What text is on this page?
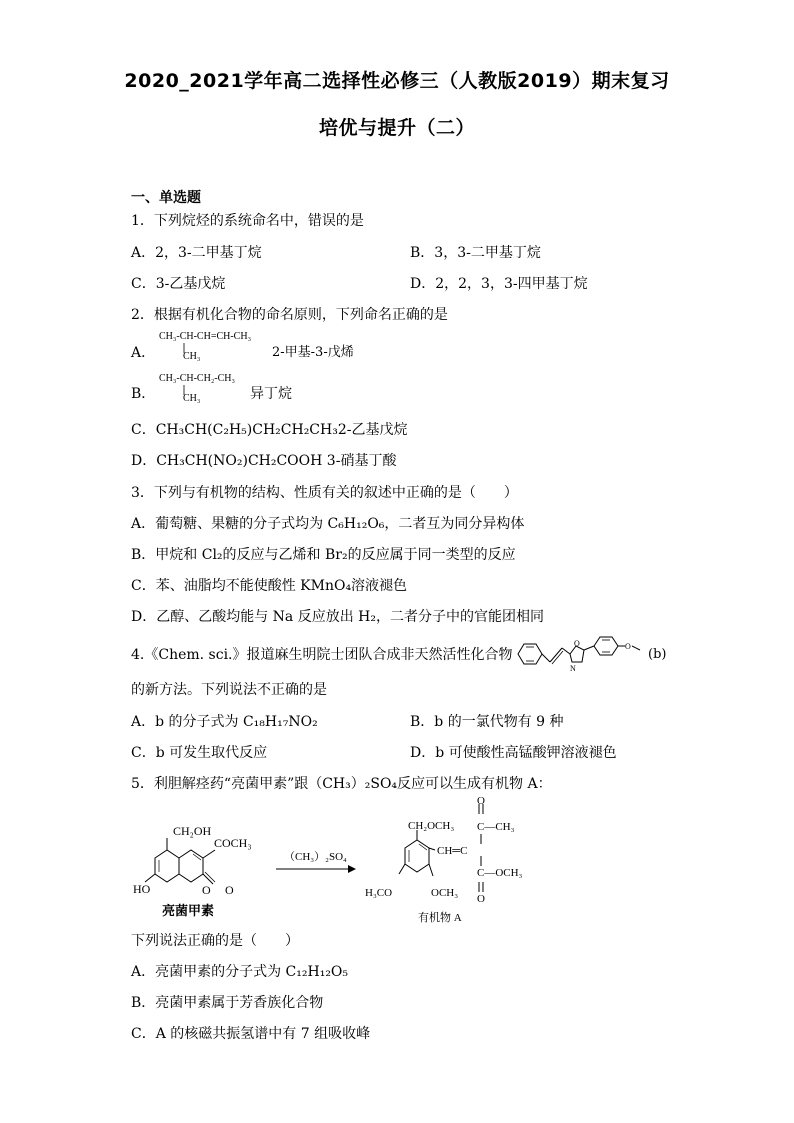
2020_2021学年高二选择性必修三（人教版2019）期末复习
培优与提升（二）
一、单选题
1．下列烷烃的系统命名中，错误的是
A．2，3-二甲基丁烷	B．3，3-二甲基丁烷
C．3-乙基戊烷	D．2，2，3，3-四甲基丁烷
2．根据有机化合物的命名原则，下列命名正确的是
A．
CH₃-CH-CH=CH-CH₃
CH₃	2-甲基-3-戊烯
B．
CH₃-CH-CH₂-CH₃
CH₃	异丁烷
C．CH₃CH(C₂H₅)CH₂CH₂CH₃2-乙基戊烷
D．CH₃CH(NO₂)CH₂COOH 3-硝基丁酸
3．下列与有机物的结构、性质有关的叙述中正确的是（　　）
A．葡萄糖、果糖的分子式均为 C₆H₁₂O₆，二者互为同分异构体
B．甲烷和 Cl₂的反应与乙烯和 Br₂的反应属于同一类型的反应
C．苯、油脂均不能使酸性 KMnO₄溶液褪色
D．乙醇、乙酸均能与 Na 反应放出 H₂，二者分子中的官能团相同
4.《Chem. sci.》报道麻生明院士团队合成非天然活性化合物
O
N
O
(b)
的新方法。下列说法不正确的是
A．b 的分子式为 C₁₈H₁₇NO₂	B．b 的一氯代物有 9 种
C．b 可发生取代反应	D．b 可使酸性高锰酸钾溶液褪色
5．利胆解痉药“亮菌甲素”跟（CH₃）₂SO₄反应可以生成有机物 A：
CH₂OH
COCH₃
HO	O O
亮菌甲素
（CH₃）₂SO₄
CH₂OCH₃
O
C—CH₃
CH═C
C—OCH₃
O
H₃CO	OCH₃
有机物 A
下列说法正确的是（　　）
A．亮菌甲素的分子式为 C₁₂H₁₂O₅
B．亮菌甲素属于芳香族化合物
C．A 的核磁共振氢谱中有 7 组吸收峰
